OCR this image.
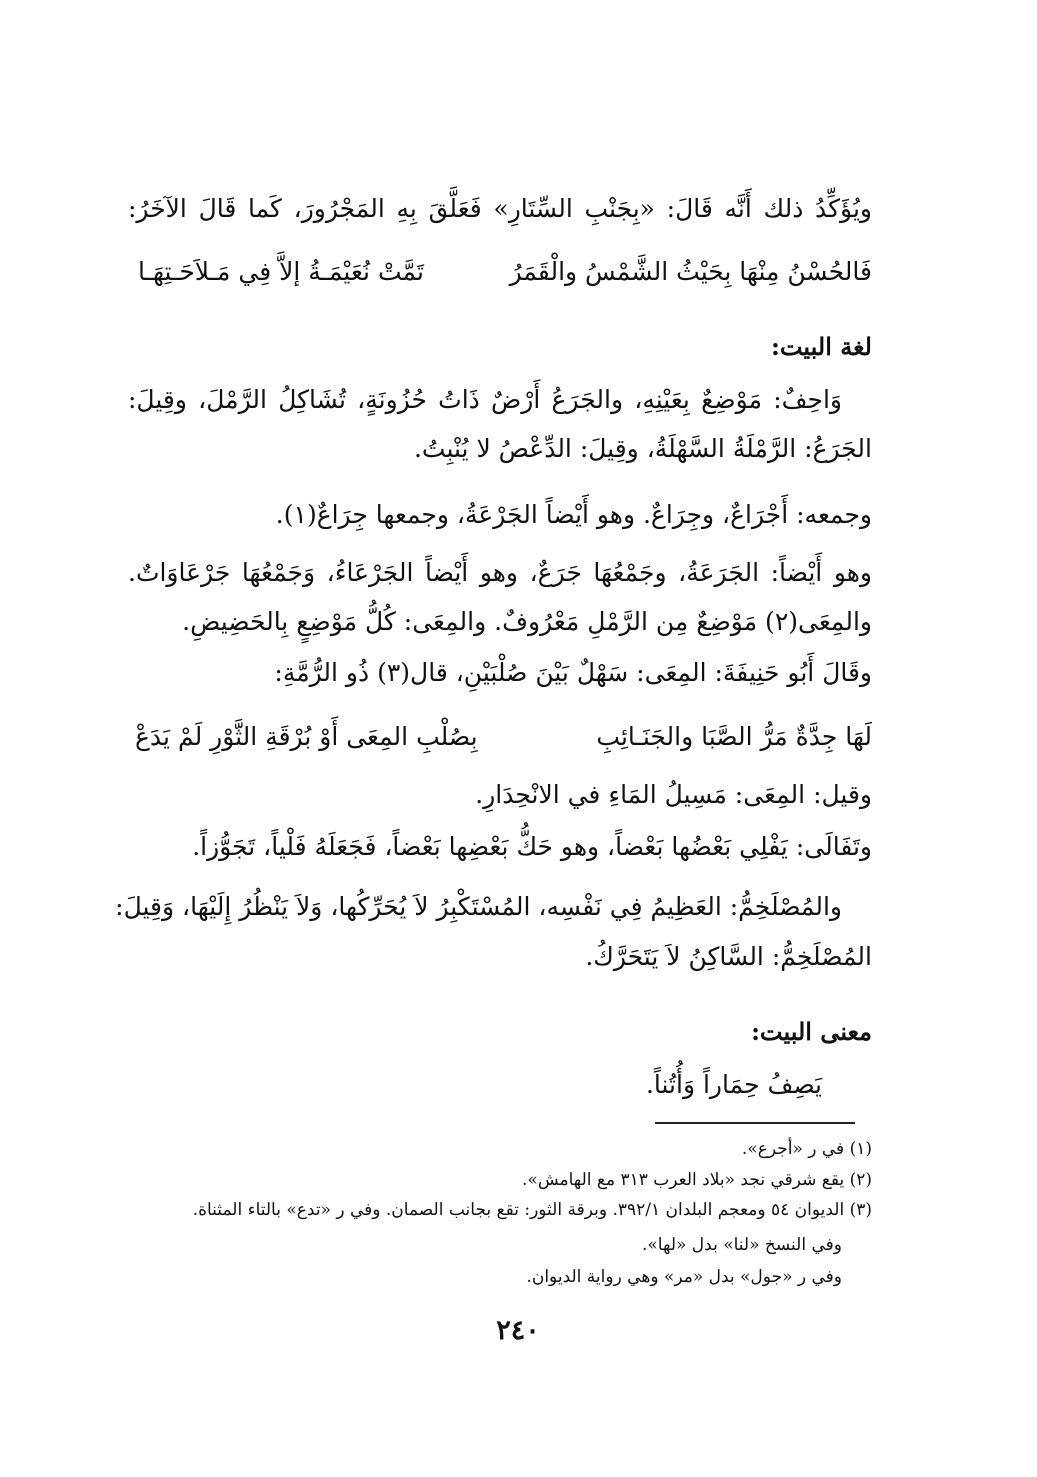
ويُؤَكِّدُ ذلك أَنَّه قَالَ: «بِجَنْبِ السِّتَارِ» فَعَلَّقَ بِهِ المَجْرُورَ، كَما قَالَ الآخَرُ:
فَالحُسْنُ مِنْهَا بِحَيْثُ الشَّمْسُ والْقَمَرُ
تَمَّتْ نُعَيْمَـةُ إلاَّ فِي مَـلاَحَـتِهَـا
لغة البيت:
وَاحِفٌ: مَوْضِعٌ بِعَيْنِهِ، والجَرَعُ أَرْضٌ ذَاتُ حُزُونَةٍ، تُشَاكِلُ الرَّمْلَ، وقِيلَ:
الجَرَعُ: الرَّمْلَةُ السَّهْلَةُ، وقِيلَ: الدِّعْصُ لا يُنْبِتُ.
وجمعه: أَجْرَاعٌ، وجِرَاعٌ. وهو أَيْضاً الجَرْعَةُ، وجمعها جِرَاعٌ(١).
وهو أَيْضاً: الجَرَعَةُ، وجَمْعُهَا جَرَعٌ، وهو أَيْضاً الجَرْعَاءُ، وَجَمْعُهَا جَرْعَاوَاتٌ.
والمِعَى(٢) مَوْضِعٌ مِن الرَّمْلِ مَعْرُوفٌ. والمِعَى: كُلُّ مَوْضِعٍ بِالحَضِيضِ.
وقَالَ أَبُو حَنِيفَةَ: المِعَى: سَهْلٌ بَيْنَ صُلْبَيْنِ، قال(٣) ذُو الرُّمَّةِ:
لَهَا جِدَّةٌ مَرُّ الصَّبَا والجَنَـائِبِ
بِصُلْبِ المِعَى أَوْ بُرْقَةِ الثَّوْرِ لَمْ يَدَعْ
وقيل: المِعَى: مَسِيلُ المَاءِ في الانْحِدَارِ.
وتَفَالَى: يَفْلِي بَعْضُها بَعْضاً، وهو حَكُّ بَعْضِها بَعْضاً، فَجَعَلَهُ فَلْياً، تَجَوُّزاً.
والمُصْلَخِمُّ: العَظِيمُ فِي نَفْسِه، المُسْتَكْبِرُ لاَ يُحَرِّكُها، وَلاَ يَنْظُرُ إِلَيْهَا، وَقِيلَ:
المُصْلَخِمُّ: السَّاكِنُ لاَ يَتَحَرَّكُ.
معنى البيت:
يَصِفُ حِمَاراً وَأُتُناً.
(١) في ر «أجرع».
(٢) يقع شرقي نجد «بلاد العرب ٣١٣ مع الهامش».
(٣) الديوان ٥٤ ومعجم البلدان ٣٩٢/١. وبرقة الثور: تقع بجانب الصمان. وفي ر «تدع» بالتاء المثناة.
وفي النسخ «لنا» بدل «لها».
وفي ر «جول» بدل «مر» وهي رواية الديوان.
٢٤٠
